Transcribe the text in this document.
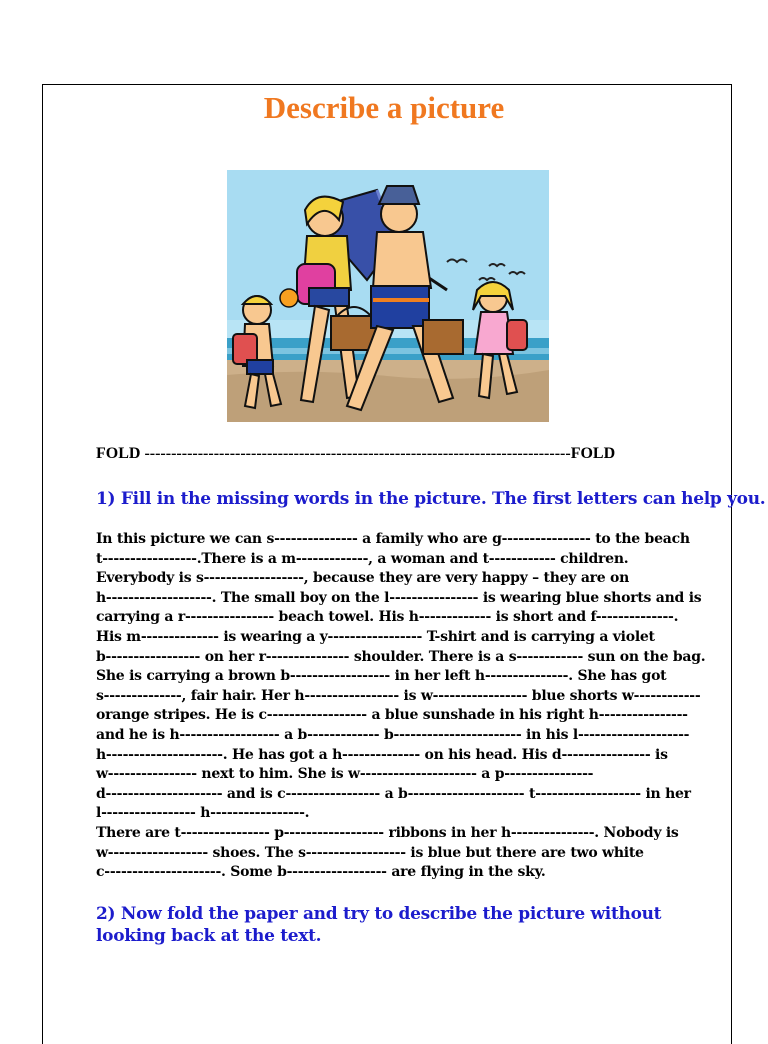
Describe a picture
FOLD --------------------------------------------------------------------------------FOLD
1) Fill in the missing words in the picture. The first letters can help you.
In this picture we can s--------------- a family who are g---------------- to the beach
t-----------------.There is a m-------------, a woman and t------------ children.
Everybody is s------------------, because they are very happy – they are on
h-------------------. The small boy on the l---------------- is wearing blue shorts and is
carrying a r---------------- beach towel. His h------------- is short and f--------------.
His m-------------- is wearing a y----------------- T-shirt and is carrying a violet
b----------------- on her r--------------- shoulder. There is a s------------ sun on the bag.
She is carrying a brown b------------------ in her left h---------------. She has got
s--------------, fair hair. Her h----------------- is w----------------- blue shorts w------------
orange stripes. He is c------------------ a blue sunshade in his right h----------------
and he is h------------------ a b------------- b----------------------- in his l--------------------
h---------------------. He has got a h-------------- on his head. His d---------------- is
w---------------- next to him. She is w--------------------- a p----------------
d--------------------- and is c----------------- a b--------------------- t------------------- in her
l----------------- h-----------------.
There are t---------------- p------------------ ribbons in her h---------------. Nobody is
w------------------ shoes. The s------------------ is blue but there are two white
c---------------------. Some b------------------ are flying in the sky.
2) Now fold the paper and try to describe the picture without looking back at the text.
